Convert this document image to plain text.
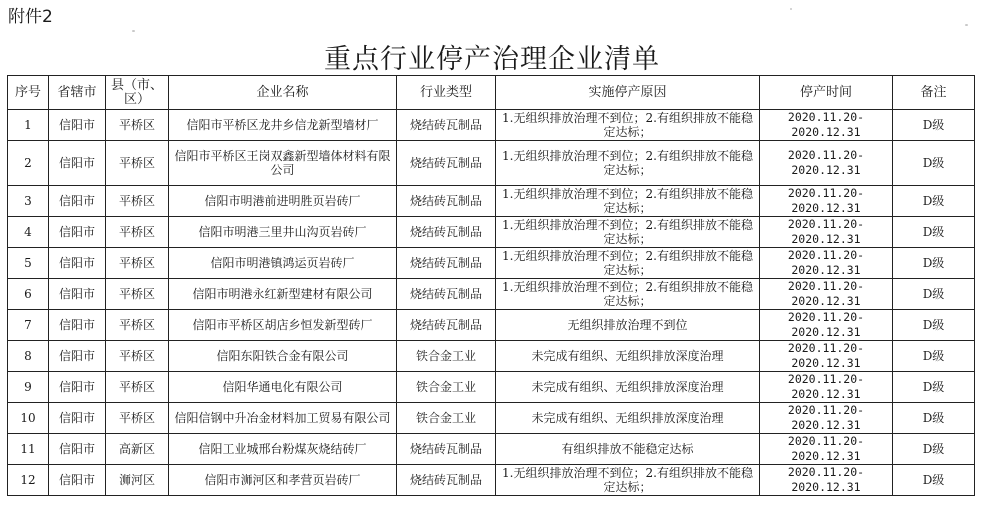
附件2
重点行业停产治理企业清单
序号	省辖市	县（市、区）	企业名称	行业类型	实施停产原因	停产时间	备注
1	信阳市	平桥区	信阳市平桥区龙井乡信龙新型墙材厂	烧结砖瓦制品	1.无组织排放治理不到位；2.有组织排放不能稳定达标；	2020.11.20-2020.12.31	D级
2	信阳市	平桥区	信阳市平桥区王岗双鑫新型墙体材料有限公司	烧结砖瓦制品	1.无组织排放治理不到位；2.有组织排放不能稳定达标；	2020.11.20-2020.12.31	D级
3	信阳市	平桥区	信阳市明港前进明胜页岩砖厂	烧结砖瓦制品	1.无组织排放治理不到位；2.有组织排放不能稳定达标；	2020.11.20-2020.12.31	D级
4	信阳市	平桥区	信阳市明港三里井山沟页岩砖厂	烧结砖瓦制品	1.无组织排放治理不到位；2.有组织排放不能稳定达标；	2020.11.20-2020.12.31	D级
5	信阳市	平桥区	信阳市明港镇鸿运页岩砖厂	烧结砖瓦制品	1.无组织排放治理不到位；2.有组织排放不能稳定达标；	2020.11.20-2020.12.31	D级
6	信阳市	平桥区	信阳市明港永红新型建材有限公司	烧结砖瓦制品	1.无组织排放治理不到位；2.有组织排放不能稳定达标；	2020.11.20-2020.12.31	D级
7	信阳市	平桥区	信阳市平桥区胡店乡恒发新型砖厂	烧结砖瓦制品	无组织排放治理不到位	2020.11.20-2020.12.31	D级
8	信阳市	平桥区	信阳东阳铁合金有限公司	铁合金工业	未完成有组织、无组织排放深度治理	2020.11.20-2020.12.31	D级
9	信阳市	平桥区	信阳华通电化有限公司	铁合金工业	未完成有组织、无组织排放深度治理	2020.11.20-2020.12.31	D级
10	信阳市	平桥区	信阳信钢中升冶金材料加工贸易有限公司	铁合金工业	未完成有组织、无组织排放深度治理	2020.11.20-2020.12.31	D级
11	信阳市	高新区	信阳工业城邢台粉煤灰烧结砖厂	烧结砖瓦制品	有组织排放不能稳定达标	2020.11.20-2020.12.31	D级
12	信阳市	浉河区	信阳市浉河区和孝营页岩砖厂	烧结砖瓦制品	1.无组织排放治理不到位；2.有组织排放不能稳定达标；	2020.11.20-2020.12.31	D级
